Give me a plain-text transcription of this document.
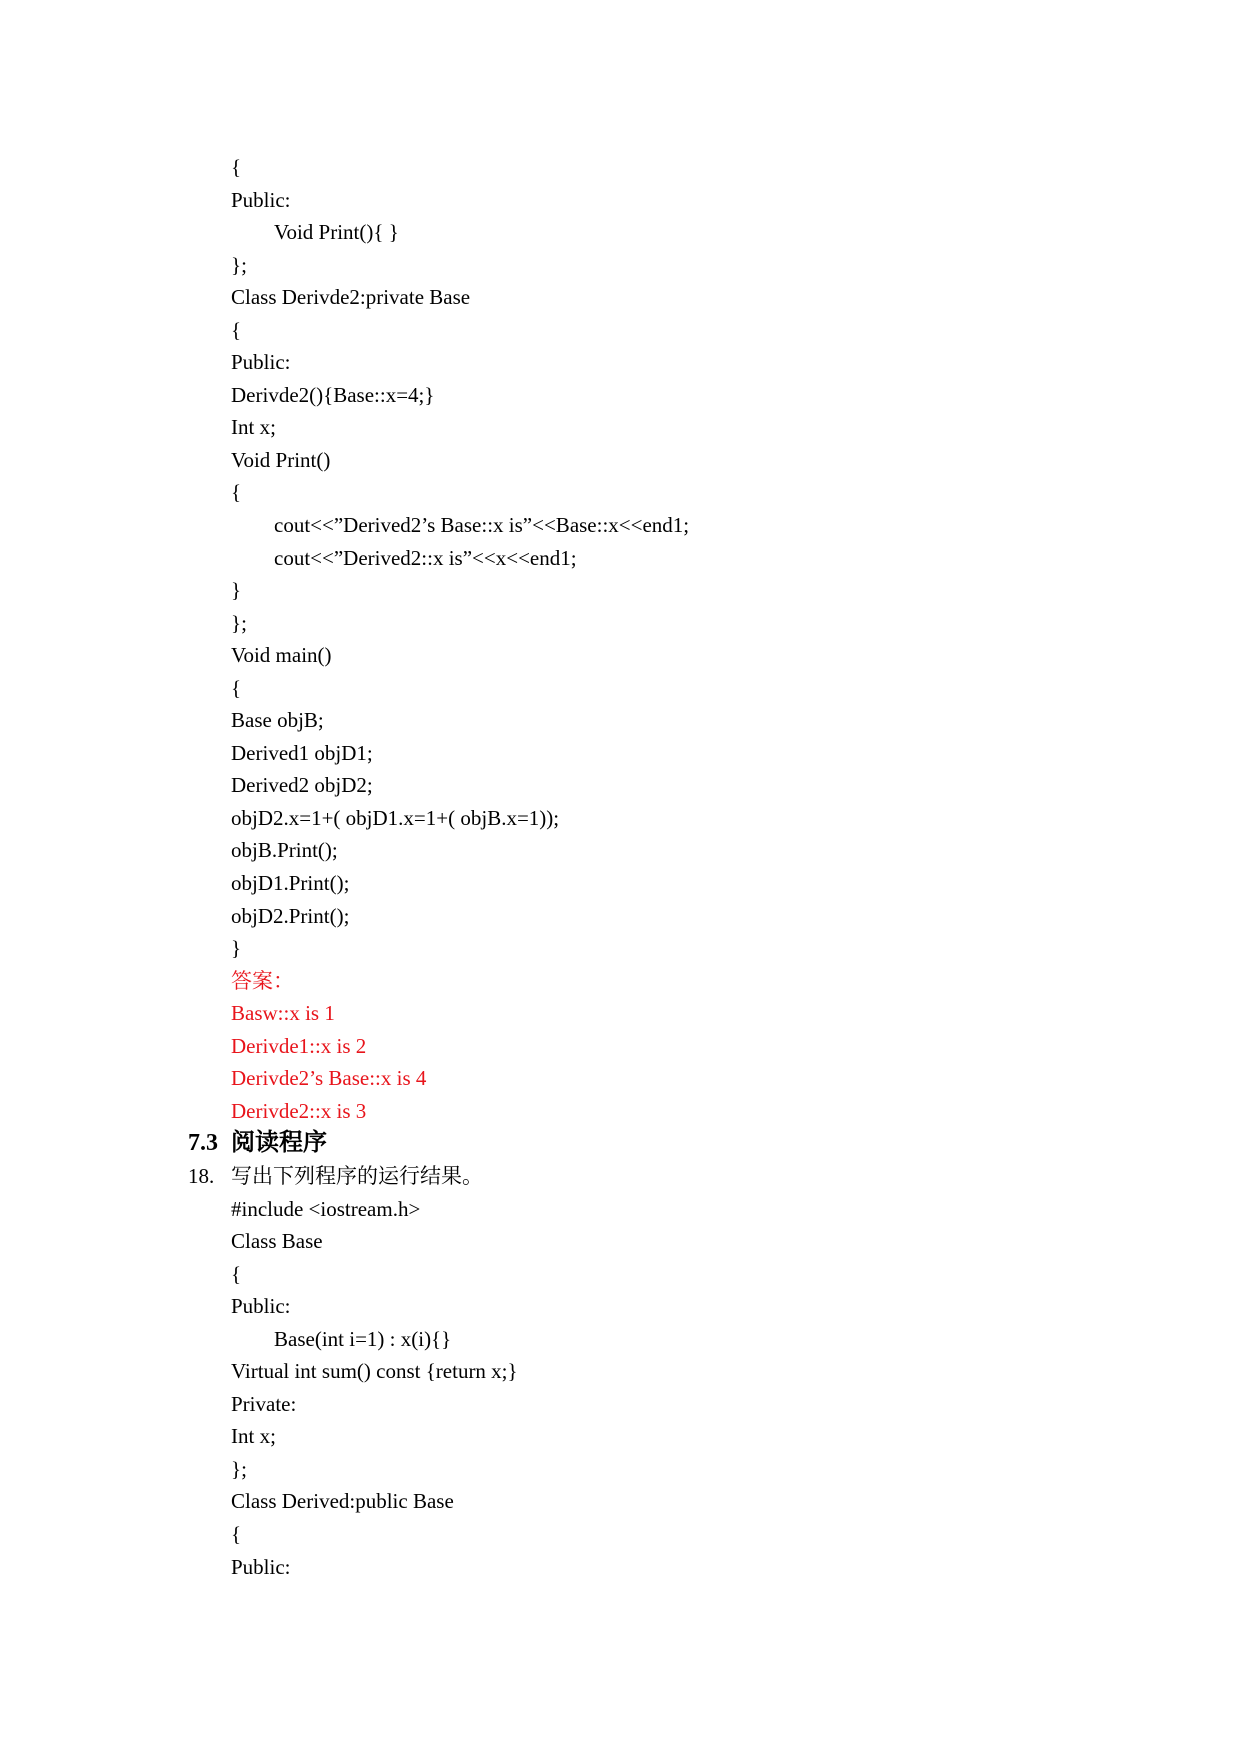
{
Public:
Void Print(){ }
};
Class Derivde2:private Base
{
Public:
Derivde2(){Base::x=4;}
Int x;
Void Print()
{
cout<<”Derived2’s Base::x is”<<Base::x<<end1;
cout<<”Derived2::x is”<<x<<end1;
}
};
Void main()
{
Base objB;
Derived1 objD1;
Derived2 objD2;
objD2.x=1+( objD1.x=1+( objB.x=1));
objB.Print();
objD1.Print();
objD2.Print();
}
答案：
Basw::x is 1
Derivde1::x is 2
Derivde2’s Base::x is 4
Derivde2::x is 3
7.3 阅读程序
18. 写出下列程序的运行结果。
#include <iostream.h>
Class Base
{
Public:
Base(int i=1) : x(i){}
Virtual int sum() const {return x;}
Private:
Int x;
};
Class Derived:public Base
{
Public:
